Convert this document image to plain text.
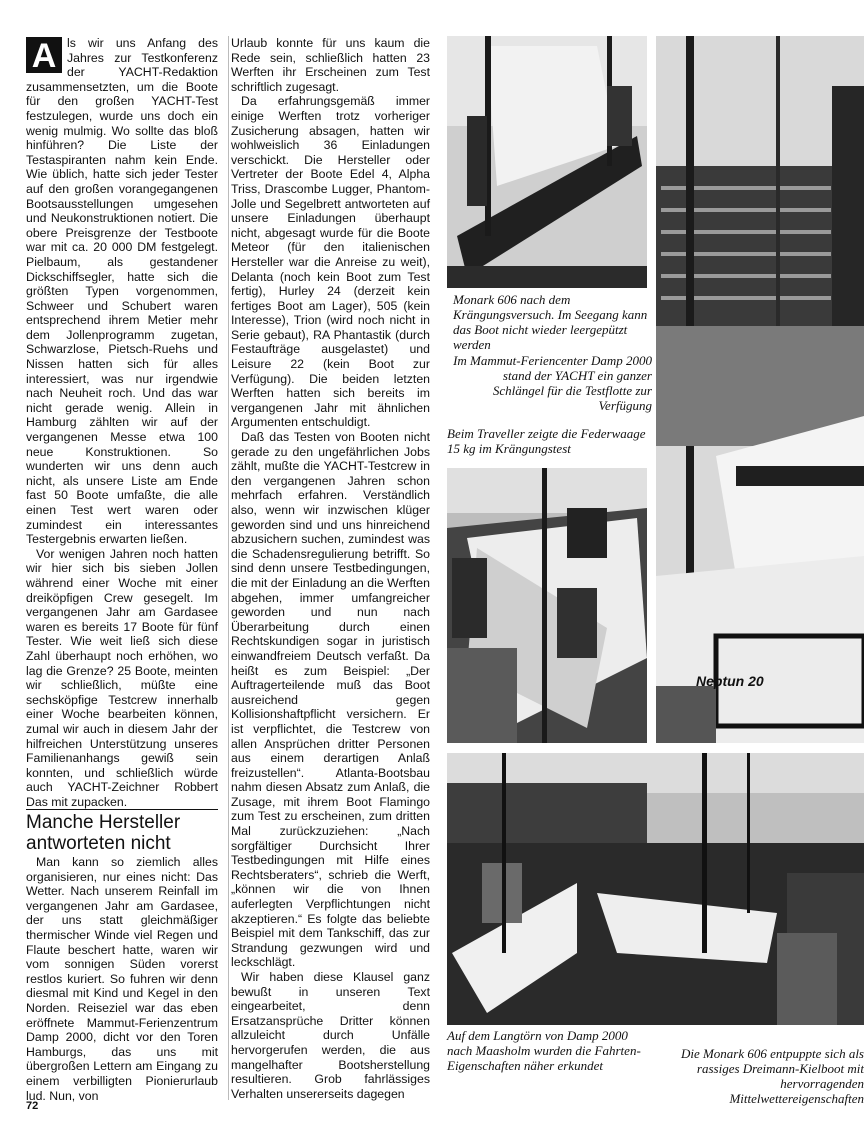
A ls wir uns Anfang des Jahres zur Testkonferenz der YACHT-Redaktion zusammensetzten, um die Boote für den großen YACHT-Test festzulegen, wurde uns doch ein wenig mulmig. Wo sollte das bloß hinführen? Die Liste der Testaspiranten nahm kein Ende. Wie üblich, hatte sich jeder Tester auf den großen vorangegangenen Bootsausstellungen umgesehen und Neukonstruktionen notiert. Die obere Preisgrenze der Testboote war mit ca. 20 000 DM festgelegt. Pielbaum, als gestandener Dickschiffsegler, hatte sich die größten Typen vorgenommen, Schweer und Schubert waren entsprechend ihrem Metier mehr dem Jollenprogramm zugetan, Schwarzlose, Pietsch-Ruehs und Nissen hatten sich für alles interessiert, was nur irgendwie nach Neuheit roch. Und das war nicht gerade wenig. Allein in Hamburg zählten wir auf der vergangenen Messe etwa 100 neue Konstruktionen. So wunderten wir uns denn auch nicht, als unsere Liste am Ende fast 50 Boote umfaßte, die alle einen Test wert waren oder zumindest ein interessantes Testergebnis erwarten ließen.

Vor wenigen Jahren noch hatten wir hier sich bis sieben Jollen während einer Woche mit einer dreiköpfigen Crew gesegelt. Im vergangenen Jahr am Gardasee waren es bereits 17 Boote für fünf Tester. Wie weit ließ sich diese Zahl überhaupt noch erhöhen, wo lag die Grenze? 25 Boote, meinten wir schließlich, müßte eine sechsköpfige Testcrew innerhalb einer Woche bearbeiten können, zumal wir auch in diesem Jahr der hilfreichen Unterstützung unseres Familienanhangs gewiß sein konnten, und schließlich würde auch YACHT-Zeichner Robbert Das mit zupacken.

Manche Hersteller antworteten nicht

Man kann so ziemlich alles organisieren, nur eines nicht: Das Wetter. Nach unserem Reinfall im vergangenen Jahr am Gardasee, der uns statt gleichmäßiger thermischer Winde viel Regen und Flaute beschert hatte, waren wir vom sonnigen Süden vorerst restlos kuriert. So fuhren wir denn diesmal mit Kind und Kegel in den Norden. Reiseziel war das eben eröffnete Mammut-Ferienzentrum Damp 2000, dicht vor den Toren Hamburgs, das uns mit übergroßen Lettern am Eingang zu einem verbilligten Pionierurlaub lud. Nun, von

Urlaub konnte für uns kaum die Rede sein, schließlich hatten 23 Werften ihr Erscheinen zum Test schriftlich zugesagt.

Da erfahrungsgemäß immer einige Werften trotz vorheriger Zusicherung absagen, hatten wir wohlweislich 36 Einladungen verschickt. Die Hersteller oder Vertreter der Boote Edel 4, Alpha Triss, Drascombe Lugger, Phantom-Jolle und Segelbrett antworteten auf unsere Einladungen überhaupt nicht, abgesagt wurde für die Boote Meteor (für den italienischen Hersteller war die Anreise zu weit), Delanta (noch kein Boot zum Test fertig), Hurley 24 (derzeit kein fertiges Boot am Lager), 505 (kein Interesse), Trion (wird noch nicht in Serie gebaut), RA Phantastik (durch Festaufträge ausgelastet) und Leisure 22 (kein Boot zur Verfügung). Die beiden letzten Werften hatten sich bereits im vergangenen Jahr mit ähnlichen Argumenten entschuldigt.

Daß das Testen von Booten nicht gerade zu den ungefährlichen Jobs zählt, mußte die YACHT-Testcrew in den vergangenen Jahren schon mehrfach erfahren. Verständlich also, wenn wir inzwischen klüger geworden sind und uns hinreichend abzusichern suchen, zumindest was die Schadensregulierung betrifft. So sind denn unsere Testbedingungen, die mit der Einladung an die Werften abgehen, immer umfangreicher geworden und nun nach Überarbeitung durch einen Rechtskundigen sogar in juristisch einwandfreiem Deutsch verfaßt. Da heißt es zum Beispiel: „Der Auftragerteilende muß das Boot ausreichend gegen Kollisionshaftpflicht versichern. Er ist verpflichtet, die Testcrew von allen Ansprüchen dritter Personen aus einem derartigen Anlaß freizustellen“. Atlanta-Bootsbau nahm diesen Absatz zum Anlaß, die Zusage, mit ihrem Boot Flamingo zum Test zu erscheinen, zum dritten Mal zurückzuziehen: „Nach sorgfältiger Durchsicht Ihrer Testbedingungen mit Hilfe eines Rechtsberaters“, schrieb die Werft, „können wir die von Ihnen auferlegten Verpflichtungen nicht akzeptieren.“ Es folgte das beliebte Beispiel mit dem Tankschiff, das zur Strandung gezwungen wird und leckschlägt.

Wir haben diese Klausel ganz bewußt in unseren Text eingearbeitet, denn Ersatzansprüche Dritter können allzuleicht durch Unfälle hervorgerufen werden, die aus mangelhafter Bootsherstellung resultieren. Grob fahrlässiges Verhalten unsererseits dagegen

Neptun 20
Monark 606 nach dem Krängungsversuch. Im Seegang kann das Boot nicht wieder leergepützt werden
Im Mammut-Feriencenter Damp 2000 stand der YACHT ein ganzer Schlängel für die Testflotte zur Verfügung
Beim Traveller zeigte die Federwaage 15 kg im Krängungstest
Auf dem Langtörn von Damp 2000 nach Maasholm wurden die Fahrten-Eigenschaften näher erkundet
Die Monark 606 entpuppte sich als rassiges Dreimann-Kielboot mit hervorragenden Mittelwettereigenschaften
72
